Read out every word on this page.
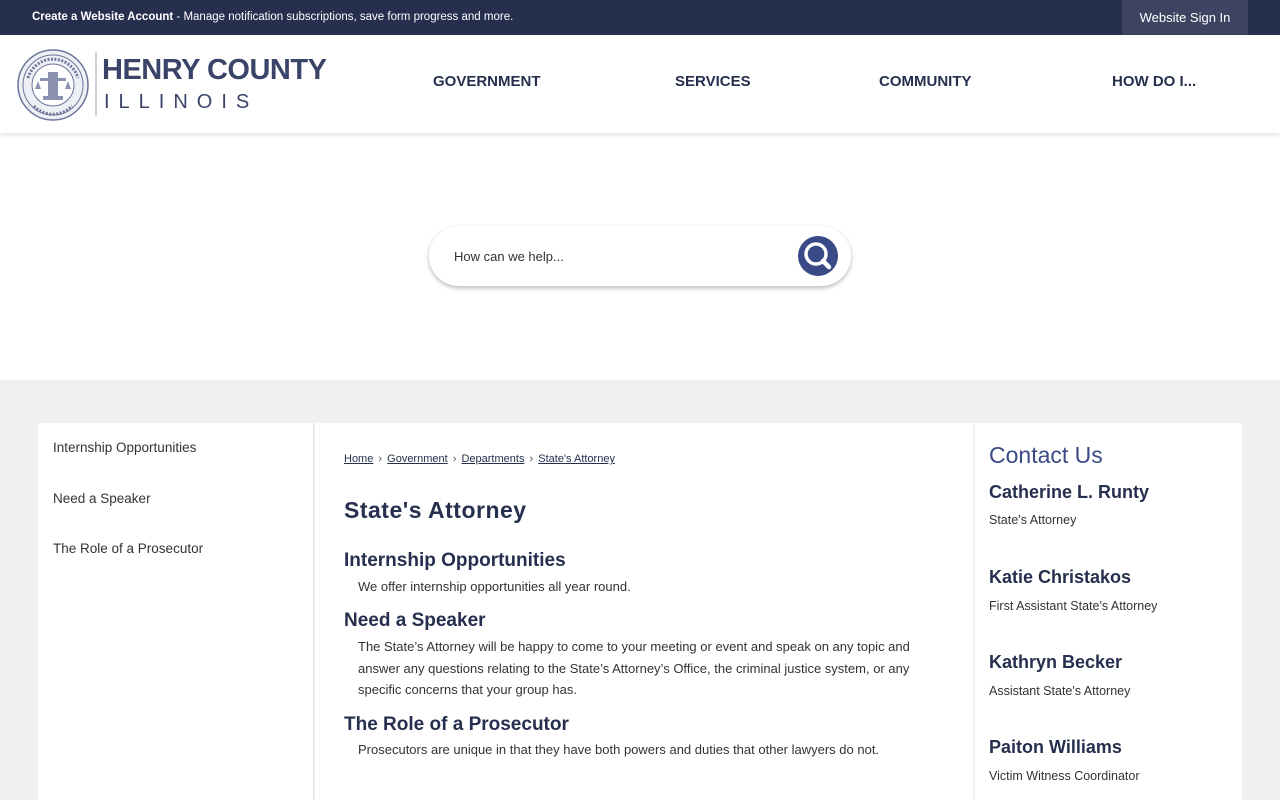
Create a Website Account - Manage notification subscriptions, save form progress and more.	Website Sign In
HENRY COUNTY
ILLINOIS
GOVERNMENT	SERVICES	COMMUNITY	HOW DO I...
How can we help...
Internship Opportunities
Need a Speaker
The Role of a Prosecutor
Home › Government › Departments › State's Attorney
State's Attorney
Internship Opportunities

We offer internship opportunities all year round.

Need a Speaker

The State’s Attorney will be happy to come to your meeting or event and speak on any topic and answer any questions relating to the State’s Attorney’s Office, the criminal justice system, or any specific concerns that your group has.

The Role of a Prosecutor

Prosecutors are unique in that they have both powers and duties that other lawyers do not.

Contact Us
Catherine L. Runty
State’s Attorney
Katie Christakos
First Assistant State's Attorney
Kathryn Becker
Assistant State's Attorney
Paiton Williams
Victim Witness Coordinator
